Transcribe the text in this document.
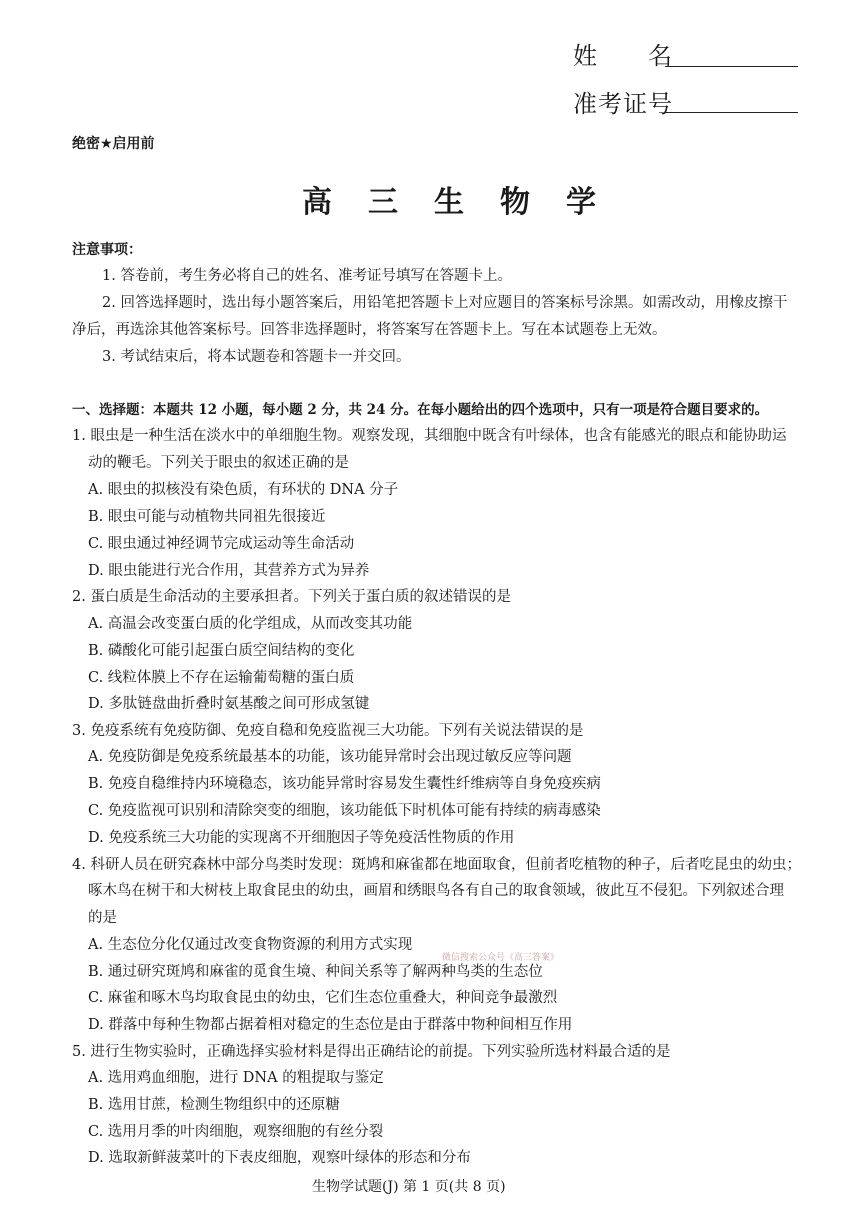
姓　　名
准考证号
绝密★启用前
高三生物学
注意事项：
1. 答卷前，考生务必将自己的姓名、准考证号填写在答题卡上。
2. 回答选择题时，选出每小题答案后，用铅笔把答题卡上对应题目的答案标号涂黑。如需改动，用橡皮擦干
净后，再选涂其他答案标号。回答非选择题时，将答案写在答题卡上。写在本试题卷上无效。
3. 考试结束后，将本试题卷和答题卡一并交回。
一、选择题：本题共 12 小题，每小题 2 分，共 24 分。在每小题给出的四个选项中，只有一项是符合题目要求的。
1. 眼虫是一种生活在淡水中的单细胞生物。观察发现，其细胞中既含有叶绿体，也含有能感光的眼点和能协助运
动的鞭毛。下列关于眼虫的叙述正确的是
A. 眼虫的拟核没有染色质，有环状的 DNA 分子
B. 眼虫可能与动植物共同祖先很接近
C. 眼虫通过神经调节完成运动等生命活动
D. 眼虫能进行光合作用，其营养方式为异养
2. 蛋白质是生命活动的主要承担者。下列关于蛋白质的叙述错误的是
A. 高温会改变蛋白质的化学组成，从而改变其功能
B. 磷酸化可能引起蛋白质空间结构的变化
C. 线粒体膜上不存在运输葡萄糖的蛋白质
D. 多肽链盘曲折叠时氨基酸之间可形成氢键
3. 免疫系统有免疫防御、免疫自稳和免疫监视三大功能。下列有关说法错误的是
A. 免疫防御是免疫系统最基本的功能，该功能异常时会出现过敏反应等问题
B. 免疫自稳维持内环境稳态，该功能异常时容易发生囊性纤维病等自身免疫疾病
C. 免疫监视可识别和清除突变的细胞，该功能低下时机体可能有持续的病毒感染
D. 免疫系统三大功能的实现离不开细胞因子等免疫活性物质的作用
4. 科研人员在研究森林中部分鸟类时发现：斑鸠和麻雀都在地面取食，但前者吃植物的种子，后者吃昆虫的幼虫；
啄木鸟在树干和大树枝上取食昆虫的幼虫，画眉和绣眼鸟各有自己的取食领域，彼此互不侵犯。下列叙述合理
的是
A. 生态位分化仅通过改变食物资源的利用方式实现
微信搜索公众号《高三答案》
B. 通过研究斑鸠和麻雀的觅食生境、种间关系等了解两种鸟类的生态位
C. 麻雀和啄木鸟均取食昆虫的幼虫，它们生态位重叠大，种间竞争最激烈
D. 群落中每种生物都占据着相对稳定的生态位是由于群落中物种间相互作用
5. 进行生物实验时，正确选择实验材料是得出正确结论的前提。下列实验所选材料最合适的是
A. 选用鸡血细胞，进行 DNA 的粗提取与鉴定
B. 选用甘蔗，检测生物组织中的还原糖
C. 选用月季的叶肉细胞，观察细胞的有丝分裂
D. 选取新鲜菠菜叶的下表皮细胞，观察叶绿体的形态和分布
生物学试题(J) 第 1 页(共 8 页)
